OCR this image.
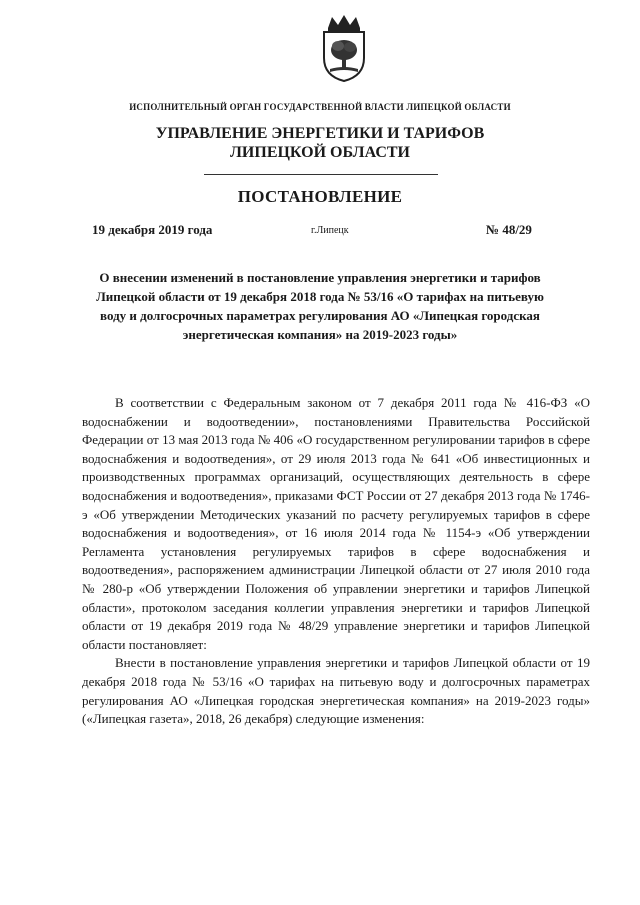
ИСПОЛНИТЕЛЬНЫЙ ОРГАН ГОСУДАРСТВЕННОЙ ВЛАСТИ ЛИПЕЦКОЙ ОБЛАСТИ
УПРАВЛЕНИЕ ЭНЕРГЕТИКИ И ТАРИФОВ
ЛИПЕЦКОЙ ОБЛАСТИ
ПОСТАНОВЛЕНИЕ
19 декабря 2019 года	г.Липецк	№ 48/29
О внесении изменений в постановление управления энергетики и тарифов Липецкой области от 19 декабря 2018 года № 53/16 «О тарифах на питьевую воду и долгосрочных параметрах регулирования АО «Липецкая городская энергетическая компания» на 2019-2023 годы»

В соответствии с Федеральным законом от 7 декабря 2011 года № 416-ФЗ «О водоснабжении и водоотведении», постановлениями Правительства Российской Федерации от 13 мая 2013 года № 406 «О государственном регулировании тарифов в сфере водоснабжения и водоотведения», от 29 июля 2013 года № 641 «Об инвестиционных и производственных программах организаций, осуществляющих деятельность в сфере водоснабжения и водоотведения», приказами ФСТ России от 27 декабря 2013 года № 1746-э «Об утверждении Методических указаний по расчету регулируемых тарифов в сфере водоснабжения и водоотведения», от 16 июля 2014 года № 1154-э «Об утверждении Регламента установления регулируемых тарифов в сфере водоснабжения и водоотведения», распоряжением администрации Липецкой области от 27 июля 2010 года № 280-р «Об утверждении Положения об управлении энергетики и тарифов Липецкой области», протоколом заседания коллегии управления энергетики и тарифов Липецкой области от 19 декабря 2019 года № 48/29 управление энергетики и тарифов Липецкой области постановляет:

Внести в постановление управления энергетики и тарифов Липецкой области от 19 декабря 2018 года № 53/16 «О тарифах на питьевую воду и долгосрочных параметрах регулирования АО «Липецкая городская энергетическая компания» на 2019-2023 годы» («Липецкая газета», 2018, 26 декабря) следующие изменения:
